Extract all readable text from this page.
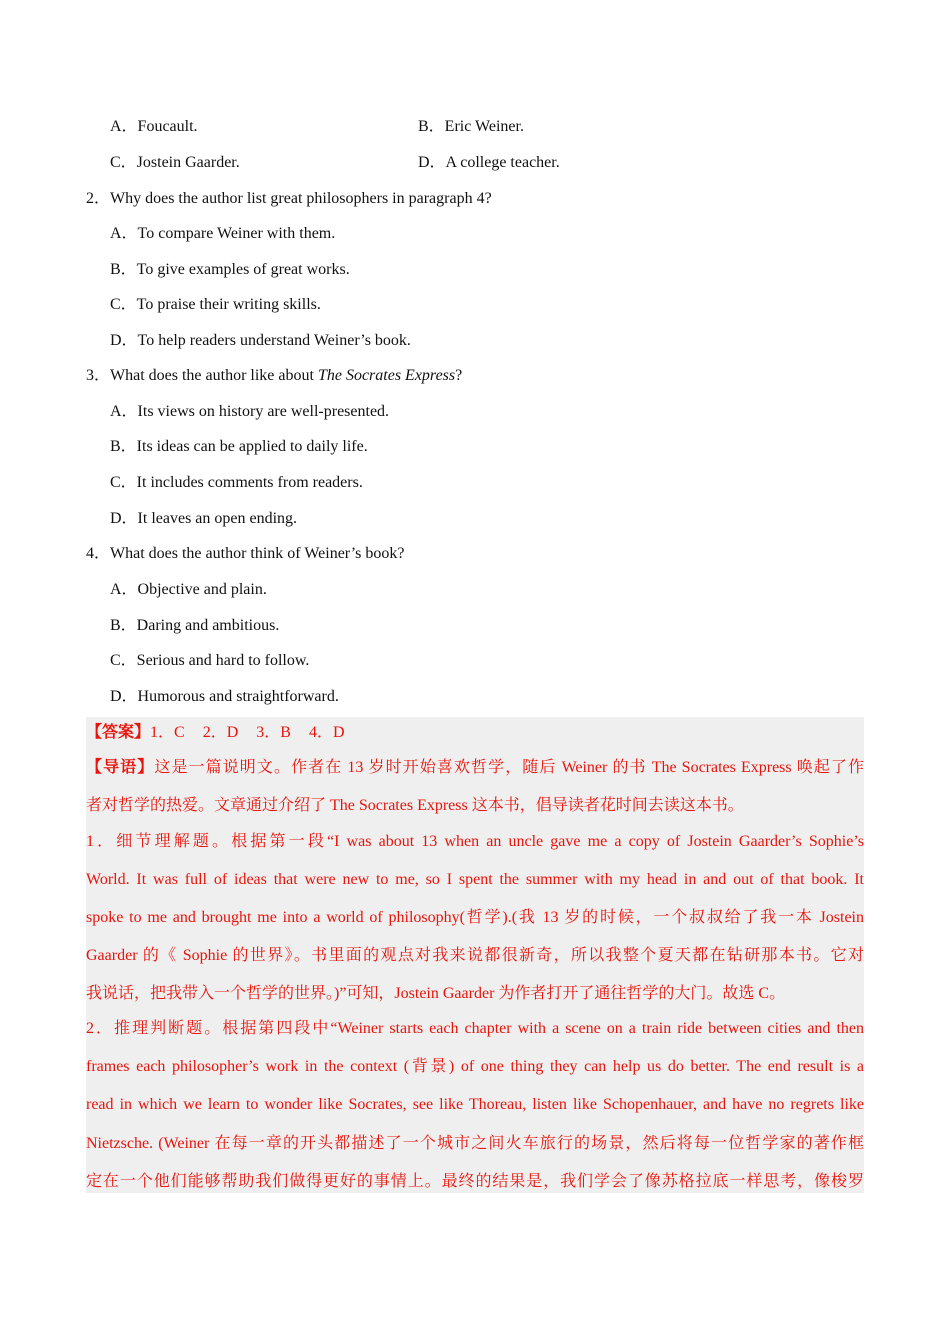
A．Foucault.	B．Eric Weiner.
C．Jostein Gaarder.	D．A college teacher.
2．Why does the author list great philosophers in paragraph 4?
A．To compare Weiner with them.
B．To give examples of great works.
C．To praise their writing skills.
D．To help readers understand Weiner’s book.
3．What does the author like about The Socrates Express?
A．Its views on history are well-presented.
B．Its ideas can be applied to daily life.
C．It includes comments from readers.
D．It leaves an open ending.
4．What does the author think of Weiner’s book?
A．Objective and plain.
B．Daring and ambitious.
C．Serious and hard to follow.
D．Humorous and straightforward.
【答案】1．C 2．D 3．B 4．D
【导语】这是一篇说明文。作者在 13 岁时开始喜欢哲学，随后 Weiner 的书 The Socrates Express 唤起了作
者对哲学的热爱。文章通过介绍了 The Socrates Express 这本书，倡导读者花时间去读这本书。
1．细节理解题。根据第一段“I was about 13 when an uncle gave me a copy of Jostein Gaarder’s Sophie’s
World. It was full of ideas that were new to me, so I spent the summer with my head in and out of that book. It
spoke to me and brought me into a world of philosophy(哲学).(我 13 岁的时候，一个叔叔给了我一本 Jostein
Gaarder 的《 Sophie 的世界》。书里面的观点对我来说都很新奇，所以我整个夏天都在钻研那本书。它对
我说话，把我带入一个哲学的世界。)”可知，Jostein Gaarder 为作者打开了通往哲学的大门。故选 C。
2．推理判断题。根据第四段中“Weiner starts each chapter with a scene on a train ride between cities and then
frames each philosopher’s work in the context (背景) of one thing they can help us do better. The end result is a
read in which we learn to wonder like Socrates, see like Thoreau, listen like Schopenhauer, and have no regrets like
Nietzsche. (Weiner 在每一章的开头都描述了一个城市之间火车旅行的场景，然后将每一位哲学家的著作框
定在一个他们能够帮助我们做得更好的事情上。最终的结果是，我们学会了像苏格拉底一样思考，像梭罗
